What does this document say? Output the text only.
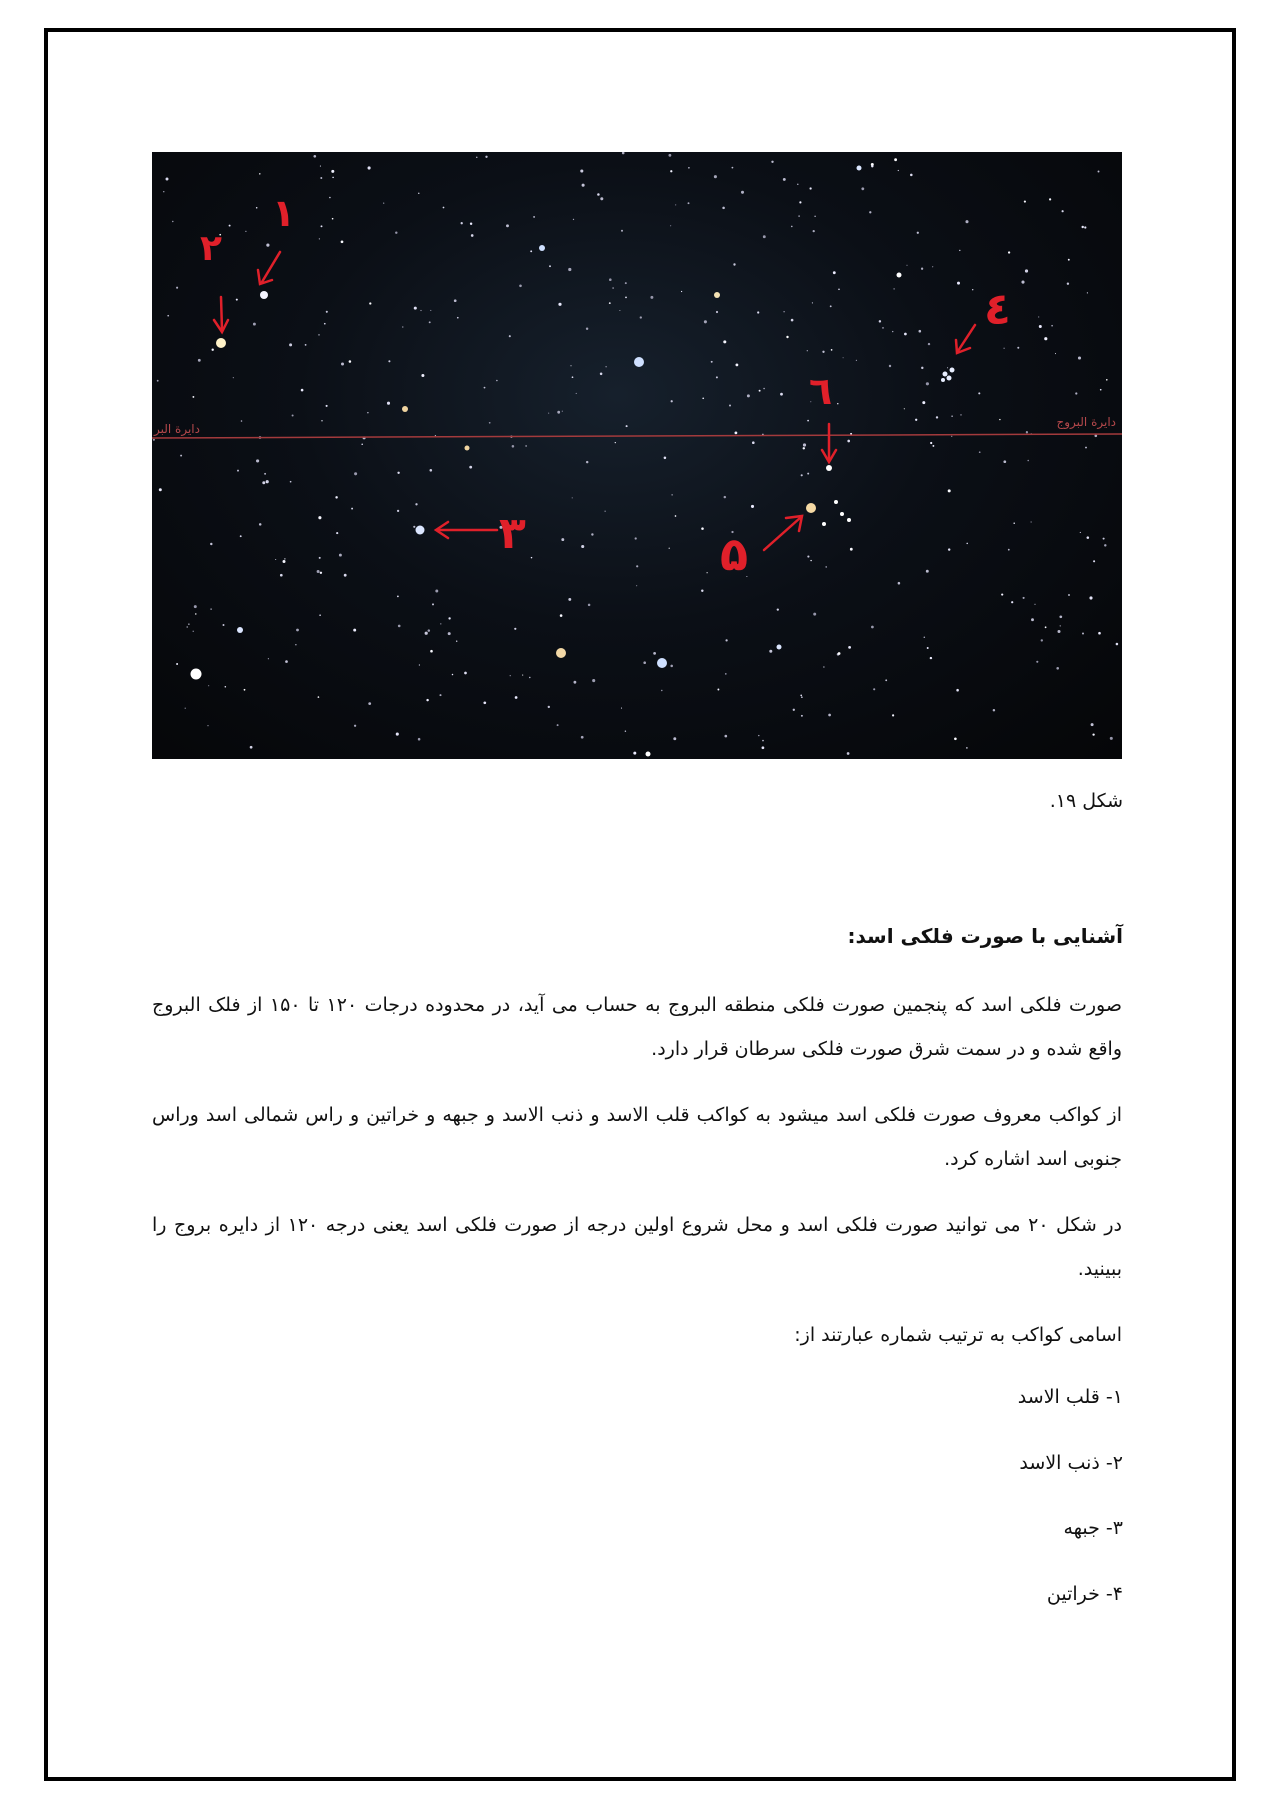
۱
۲
۳
٤
۵
٦
دایرة البر	دایرة البروج
شکل ۱۹.
آشنایی با صورت فلکی اسد:
صورت فلکی اسد که پنجمین صورت فلکی منطقه البروج به حساب می آید، در محدوده درجات ۱۲۰ تا ۱۵۰ از فلک البروج واقع شده و در سمت شرق صورت فلکی سرطان قرار دارد.
از کواکب معروف صورت فلکی اسد میشود به کواکب قلب الاسد و ذنب الاسد و جبهه و خراتین و راس شمالی اسد وراس جنوبی اسد اشاره کرد.
در شکل ۲۰ می توانید صورت فلکی اسد و محل شروع اولین درجه از صورت فلکی اسد یعنی درجه ۱۲۰ از دایره بروج را ببینید.
اسامی کواکب به ترتیب شماره عبارتند از:
۱- قلب الاسد
۲- ذنب الاسد
۳- جبهه
۴- خراتین
